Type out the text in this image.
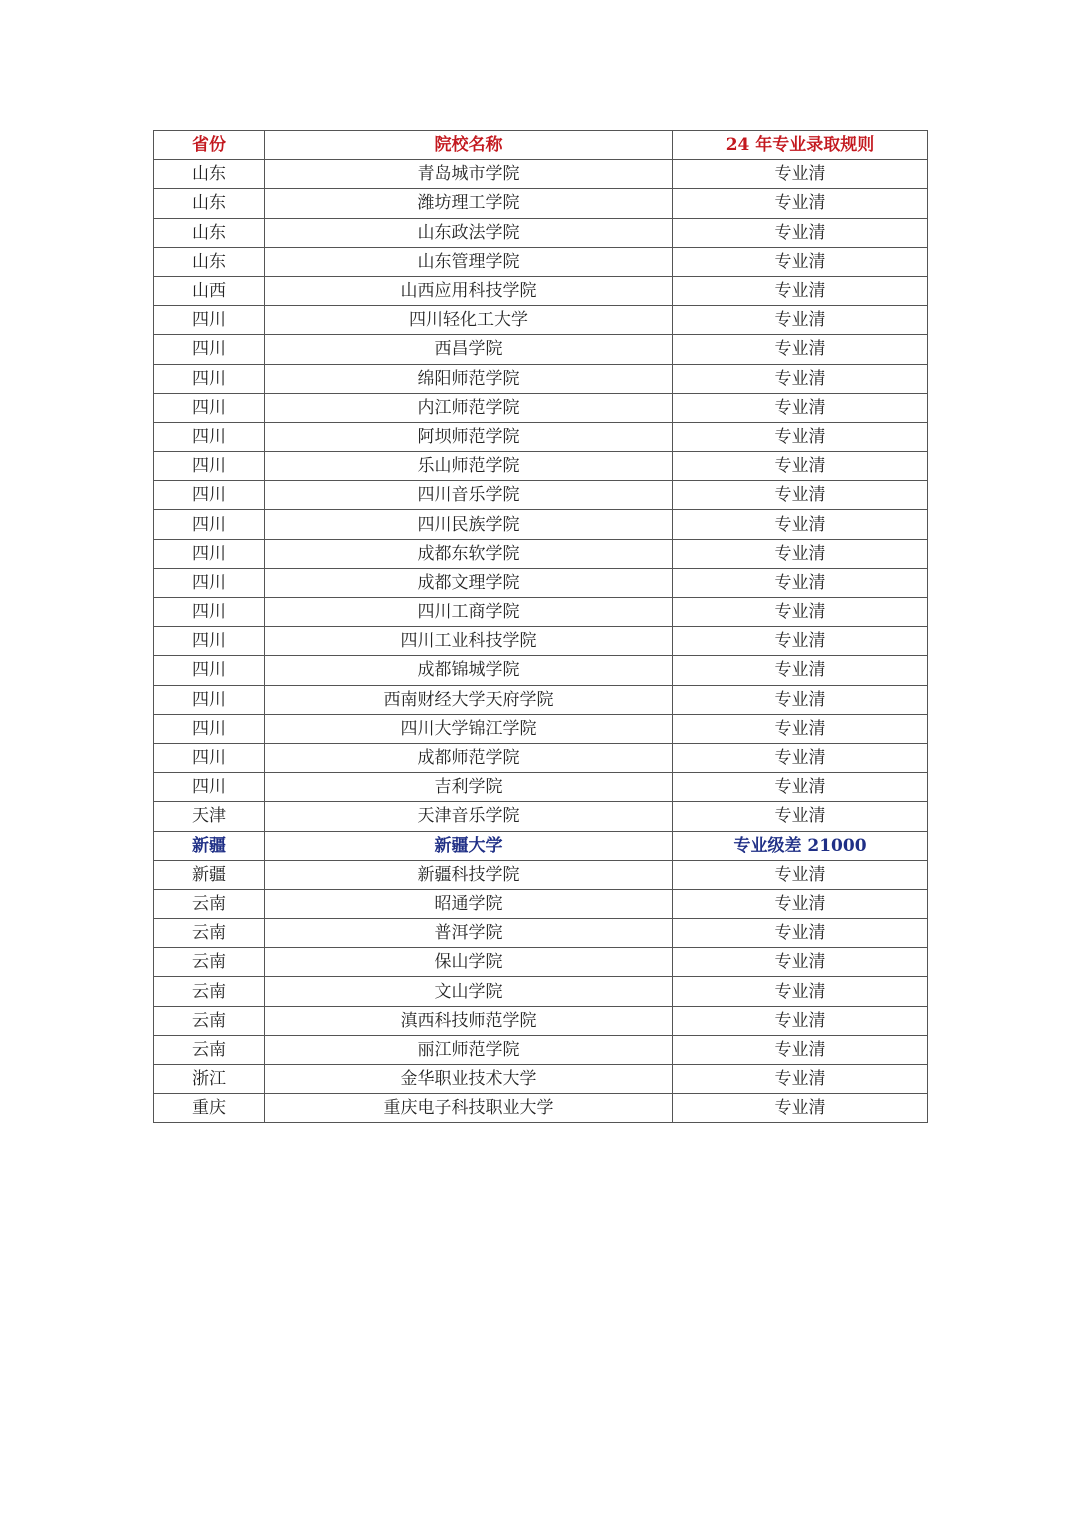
省份	院校名称	24 年专业录取规则
山东	青岛城市学院	专业清
山东	潍坊理工学院	专业清
山东	山东政法学院	专业清
山东	山东管理学院	专业清
山西	山西应用科技学院	专业清
四川	四川轻化工大学	专业清
四川	西昌学院	专业清
四川	绵阳师范学院	专业清
四川	内江师范学院	专业清
四川	阿坝师范学院	专业清
四川	乐山师范学院	专业清
四川	四川音乐学院	专业清
四川	四川民族学院	专业清
四川	成都东软学院	专业清
四川	成都文理学院	专业清
四川	四川工商学院	专业清
四川	四川工业科技学院	专业清
四川	成都锦城学院	专业清
四川	西南财经大学天府学院	专业清
四川	四川大学锦江学院	专业清
四川	成都师范学院	专业清
四川	吉利学院	专业清
天津	天津音乐学院	专业清
新疆	新疆大学	专业级差 21000
新疆	新疆科技学院	专业清
云南	昭通学院	专业清
云南	普洱学院	专业清
云南	保山学院	专业清
云南	文山学院	专业清
云南	滇西科技师范学院	专业清
云南	丽江师范学院	专业清
浙江	金华职业技术大学	专业清
重庆	重庆电子科技职业大学	专业清
